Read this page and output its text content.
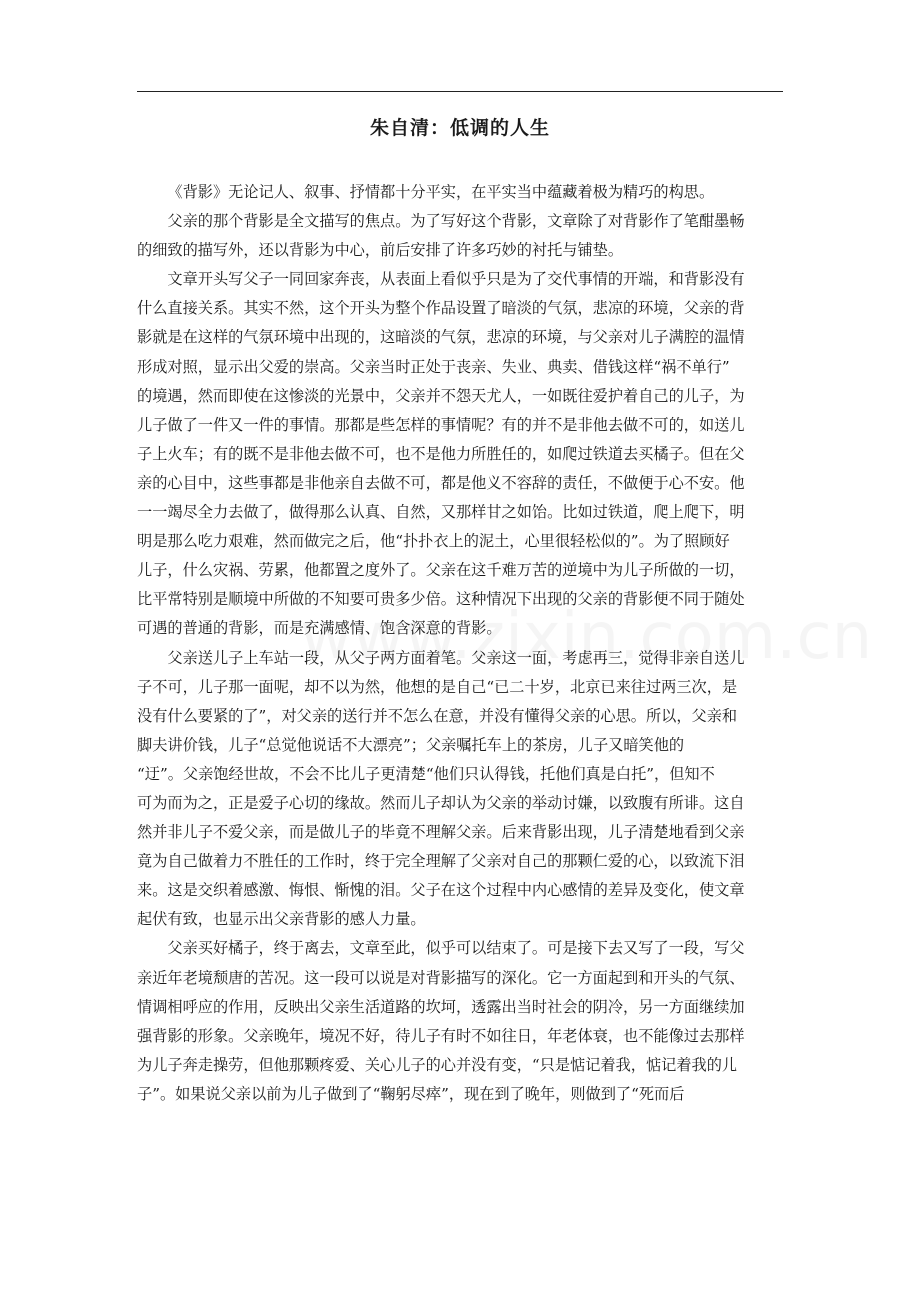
朱自清：低调的人生

《背影》无论记人、叙事、抒情都十分平实，在平实当中蕴藏着极为精巧的构思。

父亲的那个背影是全文描写的焦点。为了写好这个背影，文章除了对背影作了笔酣墨畅
的细致的描写外，还以背影为中心，前后安排了许多巧妙的衬托与铺垫。

文章开头写父子一同回家奔丧，从表面上看似乎只是为了交代事情的开端，和背影没有
什么直接关系。其实不然，这个开头为整个作品设置了暗淡的气氛，悲凉的环境，父亲的背
影就是在这样的气氛环境中出现的，这暗淡的气氛，悲凉的环境，与父亲对儿子满腔的温情
形成对照，显示出父爱的崇高。父亲当时正处于丧亲、失业、典卖、借钱这样“祸不单行”
的境遇，然而即使在这惨淡的光景中，父亲并不怨天尤人，一如既往爱护着自己的儿子，为
儿子做了一件又一件的事情。那都是些怎样的事情呢？有的并不是非他去做不可的，如送儿
子上火车；有的既不是非他去做不可，也不是他力所胜任的，如爬过铁道去买橘子。但在父
亲的心目中，这些事都是非他亲自去做不可，都是他义不容辞的责任，不做便于心不安。他
一一竭尽全力去做了，做得那么认真、自然，又那样甘之如饴。比如过铁道，爬上爬下，明
明是那么吃力艰难，然而做完之后，他“扑扑衣上的泥土，心里很轻松似的”。为了照顾好
儿子，什么灾祸、劳累，他都置之度外了。父亲在这千难万苦的逆境中为儿子所做的一切，
比平常特别是顺境中所做的不知要可贵多少倍。这种情况下出现的父亲的背影便不同于随处
可遇的普通的背影，而是充满感情、饱含深意的背影。

父亲送儿子上车站一段，从父子两方面着笔。父亲这一面，考虑再三，觉得非亲自送儿
子不可，儿子那一面呢，却不以为然，他想的是自己“已二十岁，北京已来往过两三次，是
没有什么要紧的了”，对父亲的送行并不怎么在意，并没有懂得父亲的心思。所以，父亲和
脚夫讲价钱，儿子“总觉他说话不大漂亮”；父亲嘱托车上的茶房，儿子又暗笑他的
“迂”。父亲饱经世故，不会不比儿子更清楚“他们只认得钱，托他们真是白托”，但知不
可为而为之，正是爱子心切的缘故。然而儿子却认为父亲的举动讨嫌，以致腹有所诽。这自
然并非儿子不爱父亲，而是做儿子的毕竟不理解父亲。后来背影出现，儿子清楚地看到父亲
竟为自己做着力不胜任的工作时，终于完全理解了父亲对自己的那颗仁爱的心，以致流下泪
来。这是交织着感激、悔恨、惭愧的泪。父子在这个过程中内心感情的差异及变化，使文章
起伏有致，也显示出父亲背影的感人力量。

父亲买好橘子，终于离去，文章至此，似乎可以结束了。可是接下去又写了一段，写父
亲近年老境颓唐的苦况。这一段可以说是对背影描写的深化。它一方面起到和开头的气氛、
情调相呼应的作用，反映出父亲生活道路的坎坷，透露出当时社会的阴冷，另一方面继续加
强背影的形象。父亲晚年，境况不好，待儿子有时不如往日，年老体衰，也不能像过去那样
为儿子奔走操劳，但他那颗疼爱、关心儿子的心并没有变，“只是惦记着我，惦记着我的儿
子”。如果说父亲以前为儿子做到了“鞠躬尽瘁”，现在到了晚年，则做到了“死而后
